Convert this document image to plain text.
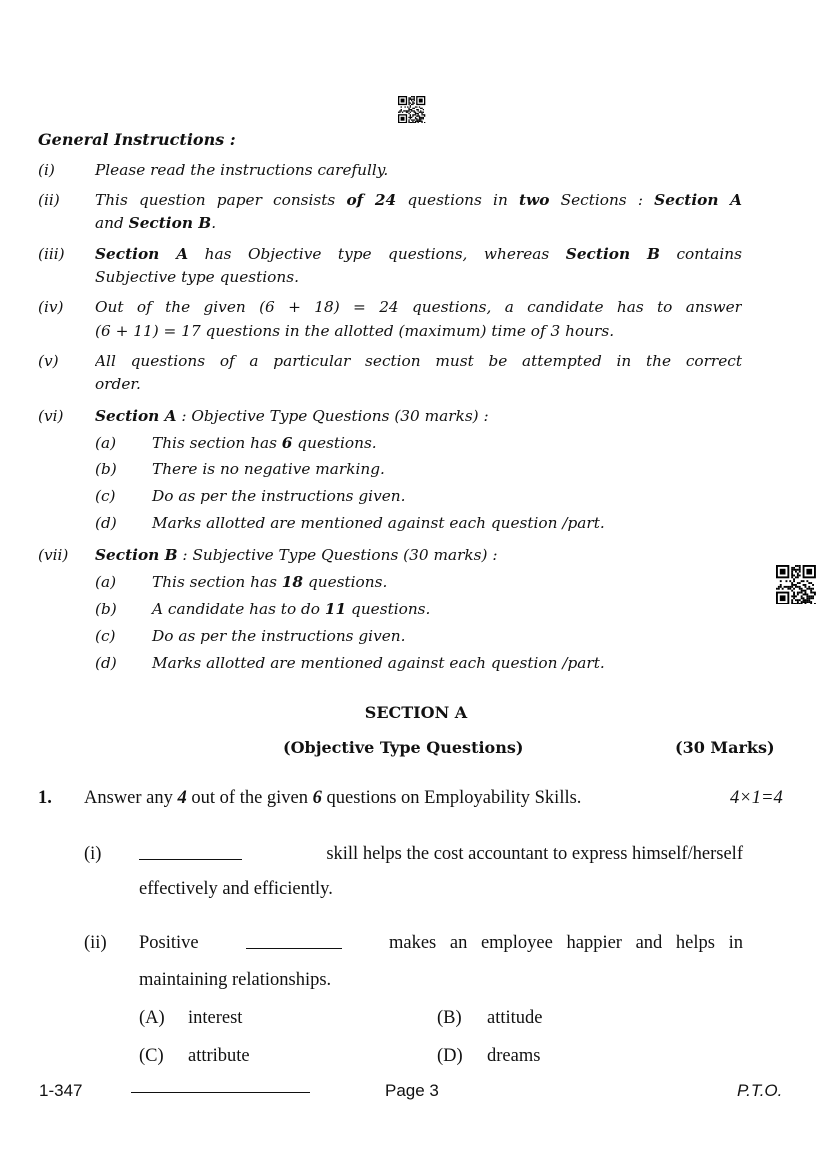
General Instructions :
(i)	Please read the instructions carefully.
(ii) This question paper consists of 24 questions in two Sections : Section A
and Section B.
(iii) Section A has Objective type questions, whereas Section B contains
Subjective type questions.
(iv) Out of the given (6 + 18) = 24 questions, a candidate has to answer
(6 + 11) = 17 questions in the allotted (maximum) time of 3 hours.
(v) All questions of a particular section must be attempted in the correct
order.
(vi) Section A : Objective Type Questions (30 marks) :
(a) This section has 6 questions.
(b) There is no negative marking.
(c) Do as per the instructions given.
(d) Marks allotted are mentioned against each question /part.
(vii) Section B : Subjective Type Questions (30 marks) :
(a) This section has 18 questions.
(b) A candidate has to do 11 questions.
(c) Do as per the instructions given.
(d) Marks allotted are mentioned against each question /part.
SECTION A
(Objective Type Questions)	(30 Marks)
1. Answer any 4 out of the given 6 questions on Employability Skills.	4×1=4
(i)	skill helps the cost accountant to express himself/herself
effectively and efficiently.
(ii) Positive	makes an employee happier and helps in
maintaining relationships.
(A) interest	(B) attitude
(C) attribute	(D) dreams
1-347	Page 3	P.T.O.
